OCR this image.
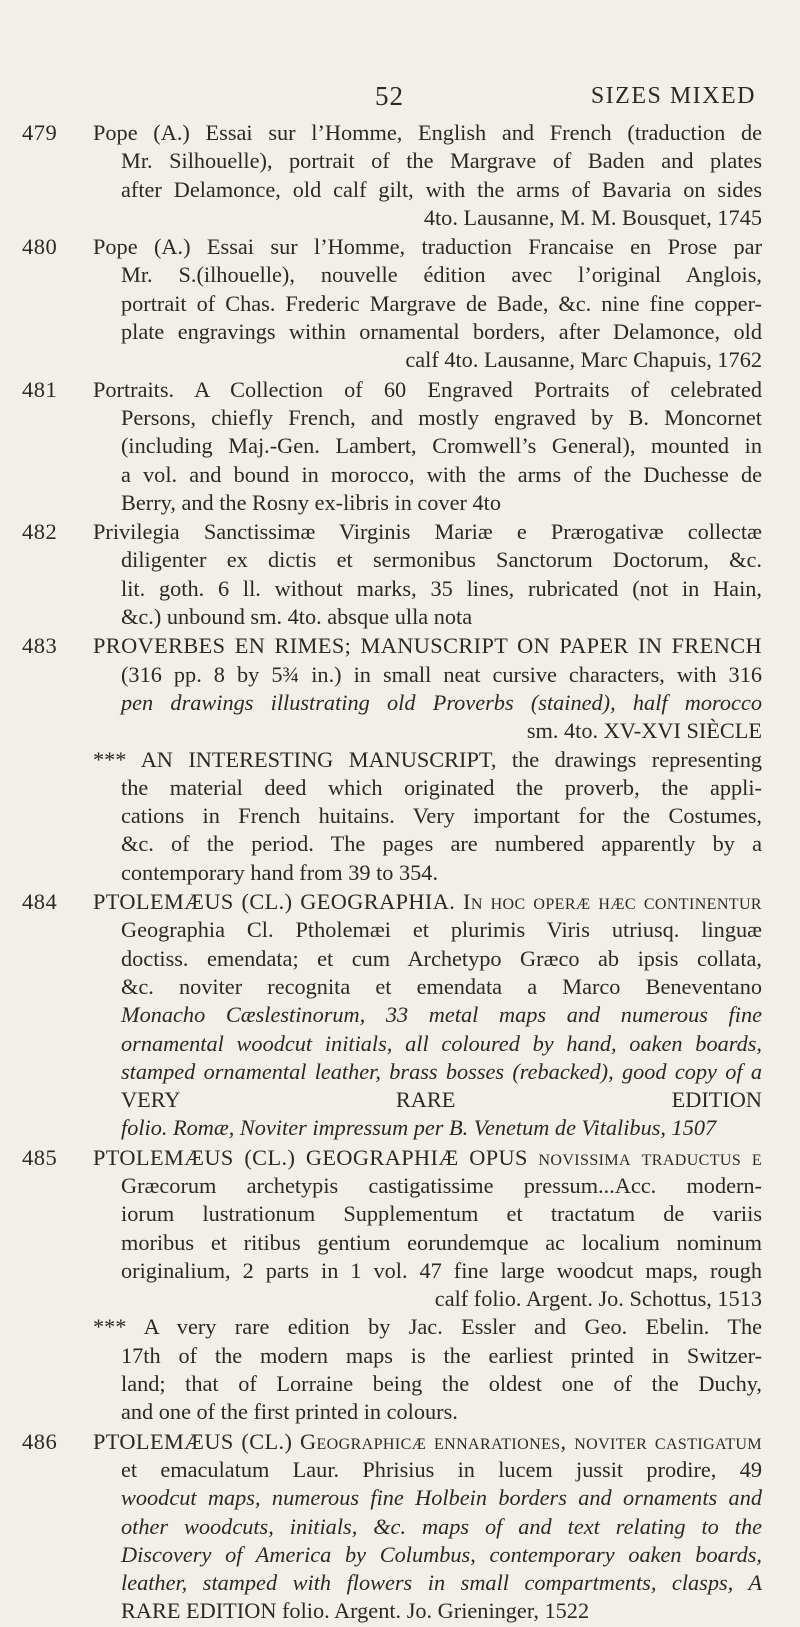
52	SIZES MIXED
479 Pope (A.) Essai sur l’Homme, English and French (traduction de
Mr. Silhouelle), portrait of the Margrave of Baden and plates
after Delamonce, old calf gilt, with the arms of Bavaria on sides
4to. Lausanne, M. M. Bousquet, 1745
480 Pope (A.) Essai sur l’Homme, traduction Francaise en Prose par
Mr. S.(ilhouelle), nouvelle édition avec l’original Anglois,
portrait of Chas. Frederic Margrave de Bade, &c. nine fine copper-
plate engravings within ornamental borders, after Delamonce, old
calf 4to. Lausanne, Marc Chapuis, 1762
481 Portraits. A Collection of 60 Engraved Portraits of celebrated
Persons, chiefly French, and mostly engraved by B. Moncornet
(including Maj.-Gen. Lambert, Cromwell’s General), mounted in
a vol. and bound in morocco, with the arms of the Duchesse de
Berry, and the Rosny ex-libris in cover 4to
482 Privilegia Sanctissimæ Virginis Mariæ e Prærogativæ collectæ
diligenter ex dictis et sermonibus Sanctorum Doctorum, &c.
lit. goth. 6 ll. without marks, 35 lines, rubricated (not in Hain,
&c.) unbound sm. 4to. absque ulla nota
483 PROVERBES EN RIMES; MANUSCRIPT ON PAPER IN FRENCH
(316 pp. 8 by 5¾ in.) in small neat cursive characters, with 316
pen drawings illustrating old Proverbs (stained), half morocco
sm. 4to. XV-XVI SIÈCLE
*** AN INTERESTING MANUSCRIPT, the drawings representing
the material deed which originated the proverb, the appli-
cations in French huitains. Very important for the Costumes,
&c. of the period. The pages are numbered apparently by a
contemporary hand from 39 to 354.
484 PTOLEMÆUS (CL.) GEOGRAPHIA. In hoc operæ hæc continentur
Geographia Cl. Ptholemæi et plurimis Viris utriusq. linguæ
doctiss. emendata; et cum Archetypo Græco ab ipsis collata,
&c. noviter recognita et emendata a Marco Beneventano
Monacho Cæslestinorum, 33 metal maps and numerous fine
ornamental woodcut initials, all coloured by hand, oaken boards,
stamped ornamental leather, brass bosses (rebacked), good copy of a
VERY RARE EDITION
folio. Romæ, Noviter impressum per B. Venetum de Vitalibus, 1507
485 PTOLEMÆUS (CL.) GEOGRAPHIÆ OPUS novissima traductus e
Græcorum archetypis castigatissime pressum...Acc. modern-
iorum lustrationum Supplementum et tractatum de variis
moribus et ritibus gentium eorundemque ac localium nominum
originalium, 2 parts in 1 vol. 47 fine large woodcut maps, rough
calf folio. Argent. Jo. Schottus, 1513
*** A very rare edition by Jac. Essler and Geo. Ebelin. The
17th of the modern maps is the earliest printed in Switzer-
land; that of Lorraine being the oldest one of the Duchy,
and one of the first printed in colours.
486 PTOLEMÆUS (CL.) Geographicæ ennarationes, noviter castigatum
et emaculatum Laur. Phrisius in lucem jussit prodire, 49
woodcut maps, numerous fine Holbein borders and ornaments and
other woodcuts, initials, &c. maps of and text relating to the
Discovery of America by Columbus, contemporary oaken boards,
leather, stamped with flowers in small compartments, clasps, A
RARE EDITION folio. Argent. Jo. Grieninger, 1522
